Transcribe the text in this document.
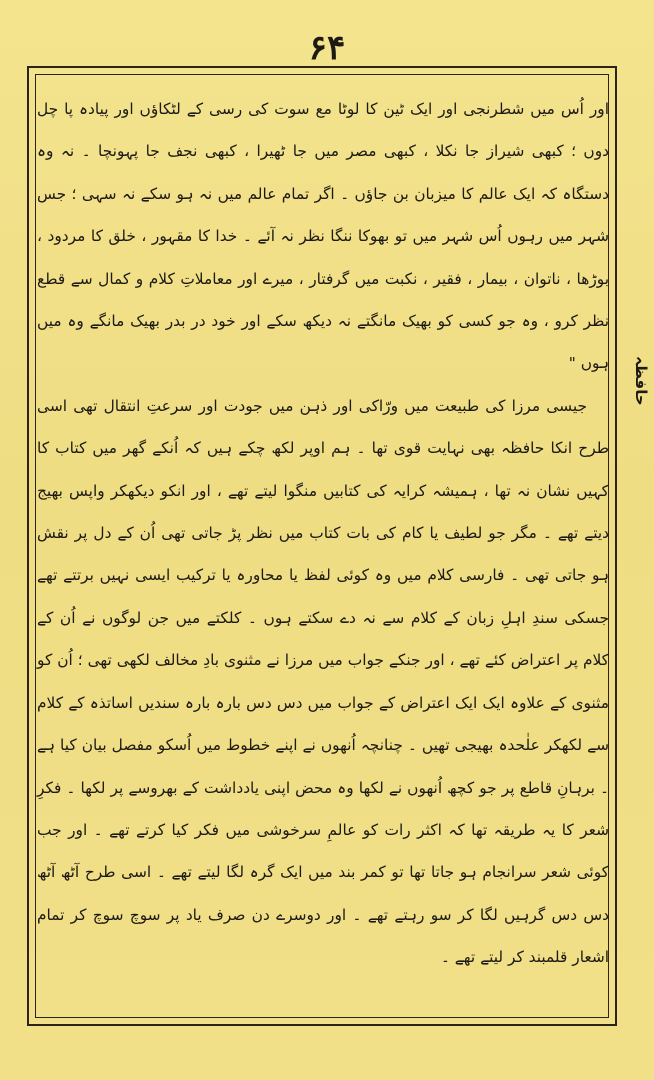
۶۴
حافظہ

اور اُس میں شطرنجی اور ایک ٹین کا لوٹا مع سوت کی رسی کے لٹکاؤں اور پیادہ پا چل دوں ؛ کبھی شیراز جا نکلا ، کبھی مصر میں جا ٹھیرا ، کبھی نجف جا پہونچا ۔ نہ وہ دستگاہ کہ ایک عالم کا میزبان بن جاؤں ۔ اگر تمام عالم میں نہ ہو سکے نہ سہی ؛ جس شہر میں رہوں اُس شہر میں تو بھوکا ننگا نظر نہ آئے ۔ خدا کا مقہور ، خلق کا مردود ، بوڑھا ، ناتوان ، بیمار ، فقیر ، نکبت میں گرفتار ، میرے اور معاملاتِ کلام و کمال سے قطع نظر کرو ، وہ جو کسی کو بھیک مانگتے نہ دیکھ سکے اور خود در بدر بھیک مانگے وہ میں ہوں "

جیسی مرزا کی طبیعت میں ورّاکی اور ذہن میں جودت اور سرعتِ انتقال تھی اسی طرح انکا حافظہ بھی نہایت قوی تھا ۔ ہم اوپر لکھ چکے ہیں کہ اُنکے گھر میں کتاب کا کہیں نشان نہ تھا ، ہمیشہ کرایہ کی کتابیں منگوا لیتے تھے ، اور انکو دیکھکر واپس بھیج دیتے تھے ۔ مگر جو لطیف یا کام کی بات کتاب میں نظر پڑ جاتی تھی اُن کے دل پر نقش ہو جاتی تھی ۔ فارسی کلام میں وہ کوئی لفظ یا محاورہ یا ترکیب ایسی نہیں برتتے تھے جسکی سندِ اہلِ زبان کے کلام سے نہ دے سکتے ہوں ۔ کلکتے میں جن لوگوں نے اُن کے کلام پر اعتراض کئے تھے ، اور جنکے جواب میں مرزا نے مثنوی بادِ مخالف لکھی تھی ؛ اُن کو مثنوی کے علاوہ ایک ایک اعتراض کے جواب میں دس دس بارہ بارہ سندیں اساتذہ کے کلام سے لکھکر علٰحدہ بھیجی تھیں ۔ چنانچہ اُنھوں نے اپنے خطوط میں اُسکو مفصل بیان کیا ہے ۔ برہانِ قاطع پر جو کچھ اُنھوں نے لکھا وہ محض اپنی یادداشت کے بھروسے پر لکھا ۔ فکرِ شعر کا یہ طریقہ تھا کہ اکثر رات کو عالمِ سرخوشی میں فکر کیا کرتے تھے ۔ اور جب کوئی شعر سرانجام ہو جاتا تھا تو کمر بند میں ایک گرہ لگا لیتے تھے ۔ اسی طرح آٹھ آٹھ دس دس گرہیں لگا کر سو رہتے تھے ۔ اور دوسرے دن صرف یاد پر سوچ سوچ کر تمام اشعار قلمبند کر لیتے تھے ۔
